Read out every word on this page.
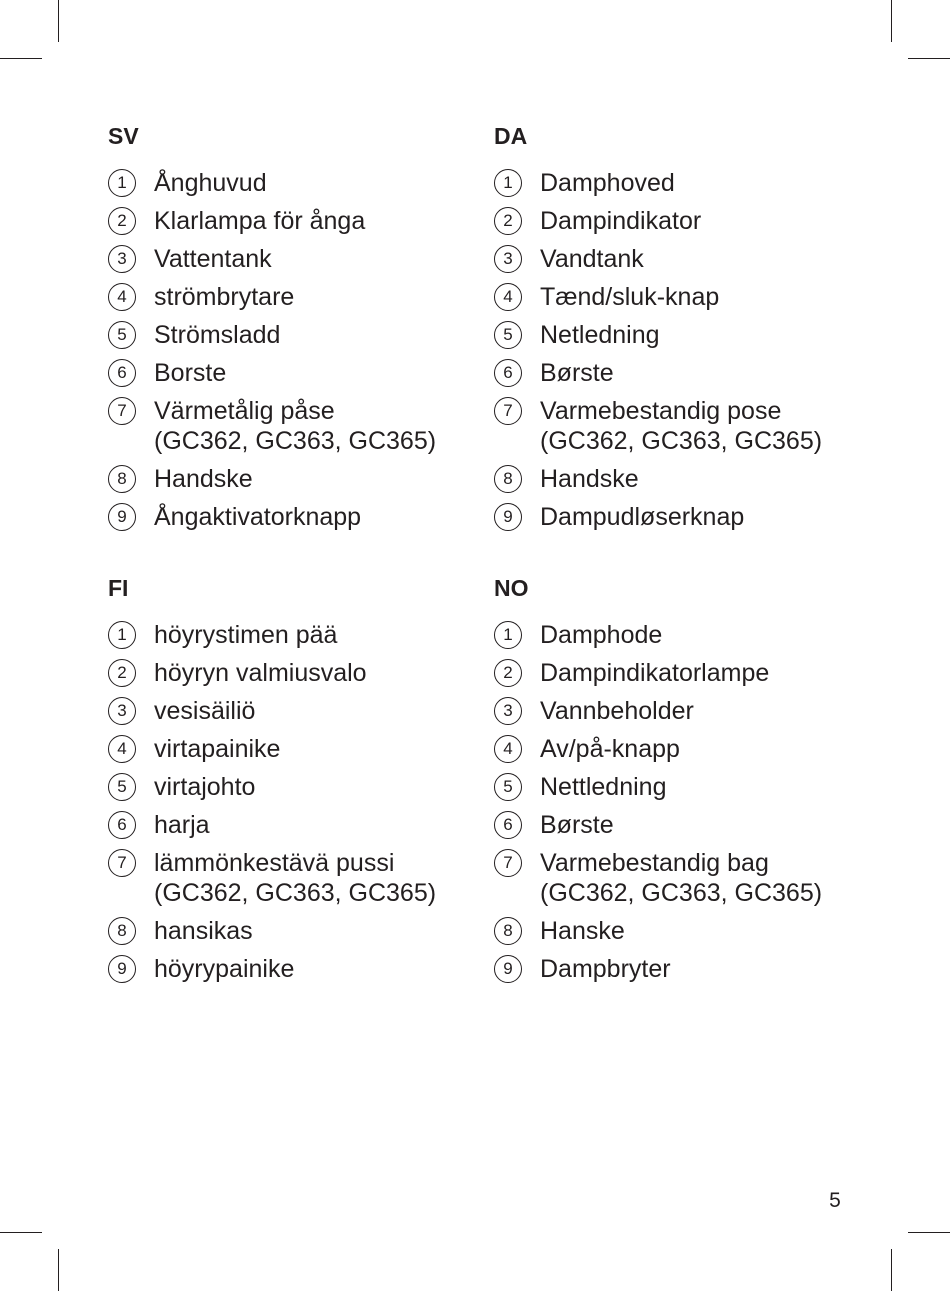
SV
1	Ånghuvud
2	Klarlampa för ånga
3	Vattentank
4	strömbrytare
5	Strömsladd
6	Borste
7	Värmetålig påse
(GC362, GC363, GC365)
8	Handske
9	Ångaktivatorknapp
DA
1	Damphoved
2	Dampindikator
3	Vandtank
4	Tænd/sluk-knap
5	Netledning
6	Børste
7	Varmebestandig pose
(GC362, GC363, GC365)
8	Handske
9	Dampudløserknap
FI
1	höyrystimen pää
2	höyryn valmiusvalo
3	vesisäiliö
4	virtapainike
5	virtajohto
6	harja
7	lämmönkestävä pussi
(GC362, GC363, GC365)
8	hansikas
9	höyrypainike
NO
1	Damphode
2	Dampindikatorlampe
3	Vannbeholder
4	Av/på-knapp
5	Nettledning
6	Børste
7	Varmebestandig bag
(GC362, GC363, GC365)
8	Hanske
9	Dampbryter
5
